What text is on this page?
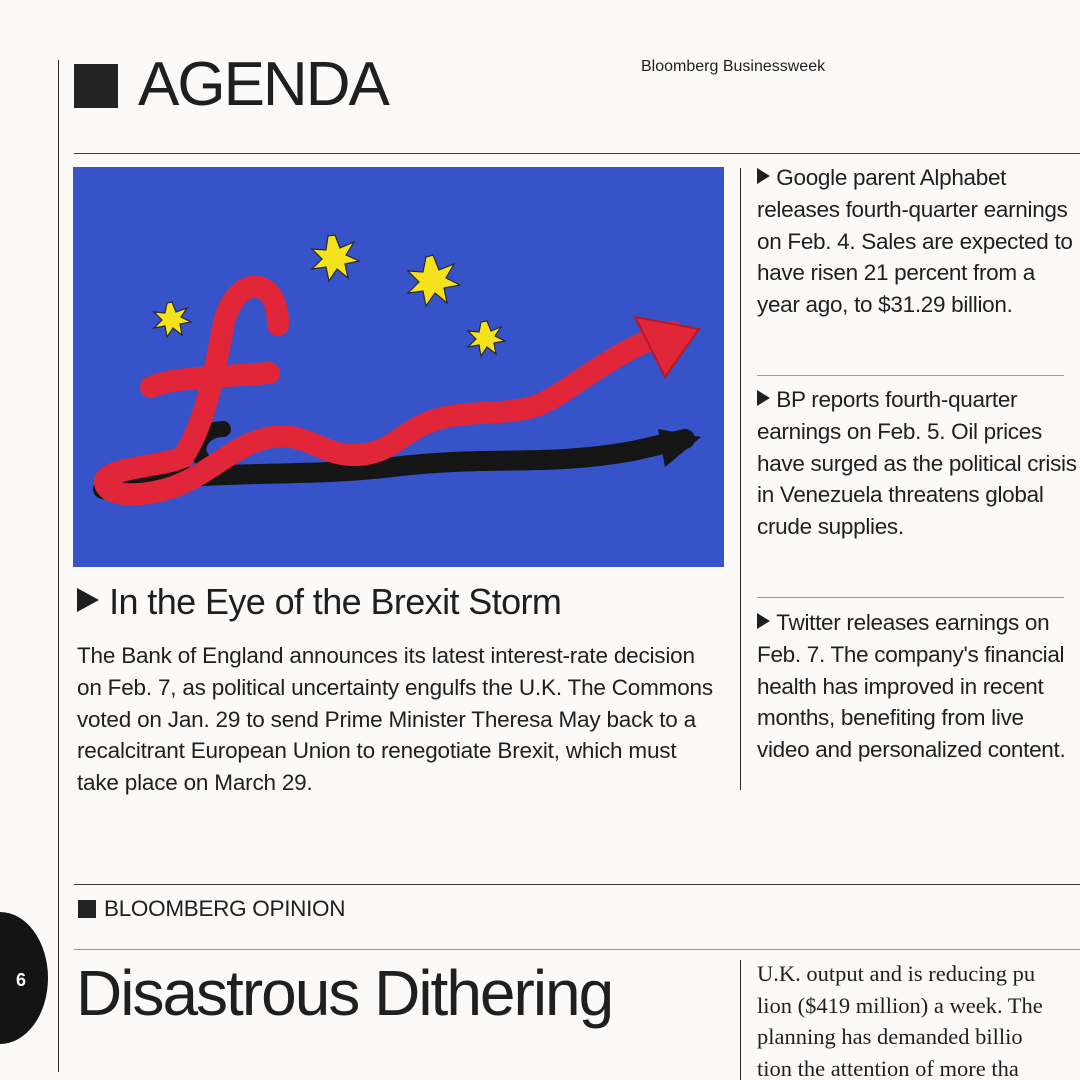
AGENDA	Bloomberg Businessweek
In the Eye of the Brexit Storm
The Bank of England announces its latest interest-rate decision on Feb. 7, as political uncertainty engulfs the U.K. The Commons voted on Jan. 29 to send Prime Minister Theresa May back to a recalcitrant European Union to renegotiate Brexit, which must take place on March 29.
Google parent Alphabet releases fourth-quarter earnings on Feb. 4. Sales are expected to have risen 21 percent from a year ago, to $31.29 billion.
BP reports fourth-quarter earnings on Feb. 5. Oil prices have surged as the political crisis in Venezuela threatens global crude supplies.
Twitter releases earnings on Feb. 7. The company's financial health has improved in recent months, benefiting from live video and personalized content.
BLOOMBERG OPINION
Disastrous Dithering	U.K. output and is reducing pu
lion ($419 million) a week. The
planning has demanded billio
tion the attention of more tha
6
